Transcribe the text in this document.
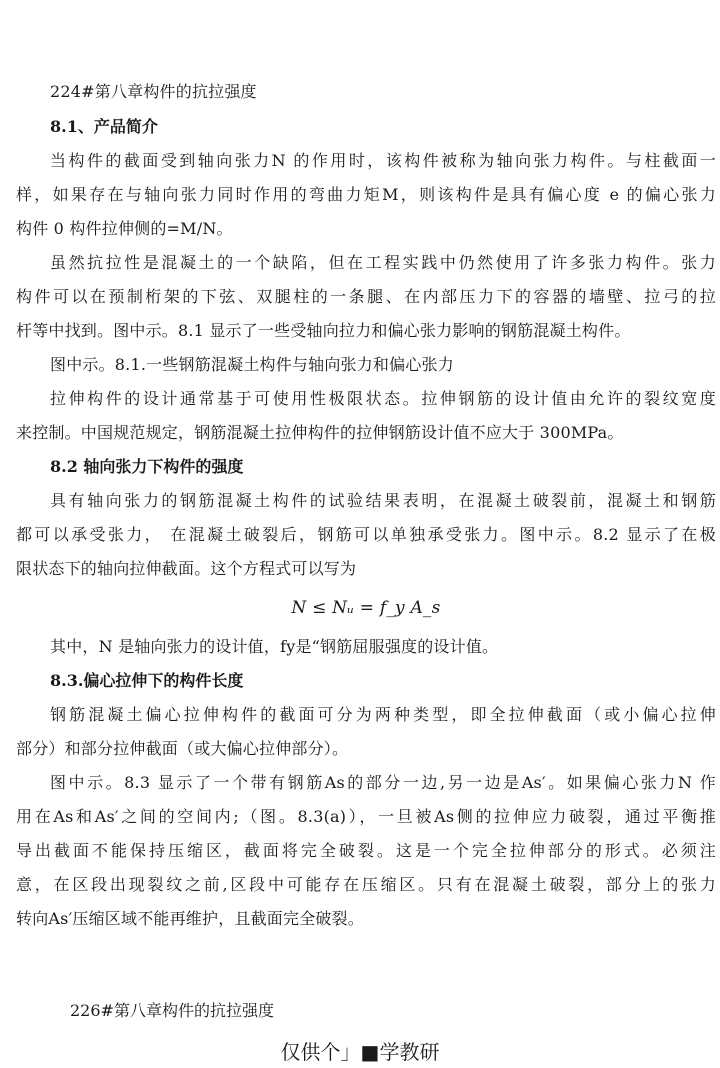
224#第八章构件的抗拉强度
8.1、产品简介
当构件的截面受到轴向张力N 的作用时，该构件被称为轴向张力构件。与柱截面一
样，如果存在与轴向张力同时作用的弯曲力矩M，则该构件是具有偏心度 e 的偏心张力
构件 0 构件拉伸侧的=M/N。
虽然抗拉性是混凝土的一个缺陷，但在工程实践中仍然使用了许多张力构件。张力
构件可以在预制桁架的下弦、双腿柱的一条腿、在内部压力下的容器的墙壁、拉弓的拉
杆等中找到。图中示。8.1 显示了一些受轴向拉力和偏心张力影响的钢筋混凝土构件。
图中示。8.1.一些钢筋混凝土构件与轴向张力和偏心张力
拉伸构件的设计通常基于可使用性极限状态。拉伸钢筋的设计值由允许的裂纹宽度
来控制。中国规范规定，钢筋混凝土拉伸构件的拉伸钢筋设计值不应大于 300MPa。
8.2 轴向张力下构件的强度
具有轴向张力的钢筋混凝土构件的试验结果表明，在混凝土破裂前，混凝土和钢筋
都可以承受张力， 在混凝土破裂后，钢筋可以单独承受张力。图中示。8.2 显示了在极
限状态下的轴向拉伸截面。这个方程式可以写为
N ≤ Nᵤ = f_y A_s
其中，N 是轴向张力的设计值，fy是“钢筋屈服强度的设计值。
8.3.偏心拉伸下的构件长度
钢筋混凝土偏心拉伸构件的截面可分为两种类型，即全拉伸截面（或小偏心拉伸
部分）和部分拉伸截面（或大偏心拉伸部分）。
图中示。8.3 显示了一个带有钢筋As的部分一边,另一边是As′。如果偏心张力N 作
用在As和As′之间的空间内;（图。8.3(a)），一旦被As侧的拉伸应力破裂，通过平衡推
导出截面不能保持压缩区，截面将完全破裂。这是一个完全拉伸部分的形式。必须注
意，在区段出现裂纹之前,区段中可能存在压缩区。只有在混凝土破裂，部分上的张力
转向As′压缩区域不能再维护，且截面完全破裂。
226#第八章构件的抗拉强度
仅供个」■学教研
